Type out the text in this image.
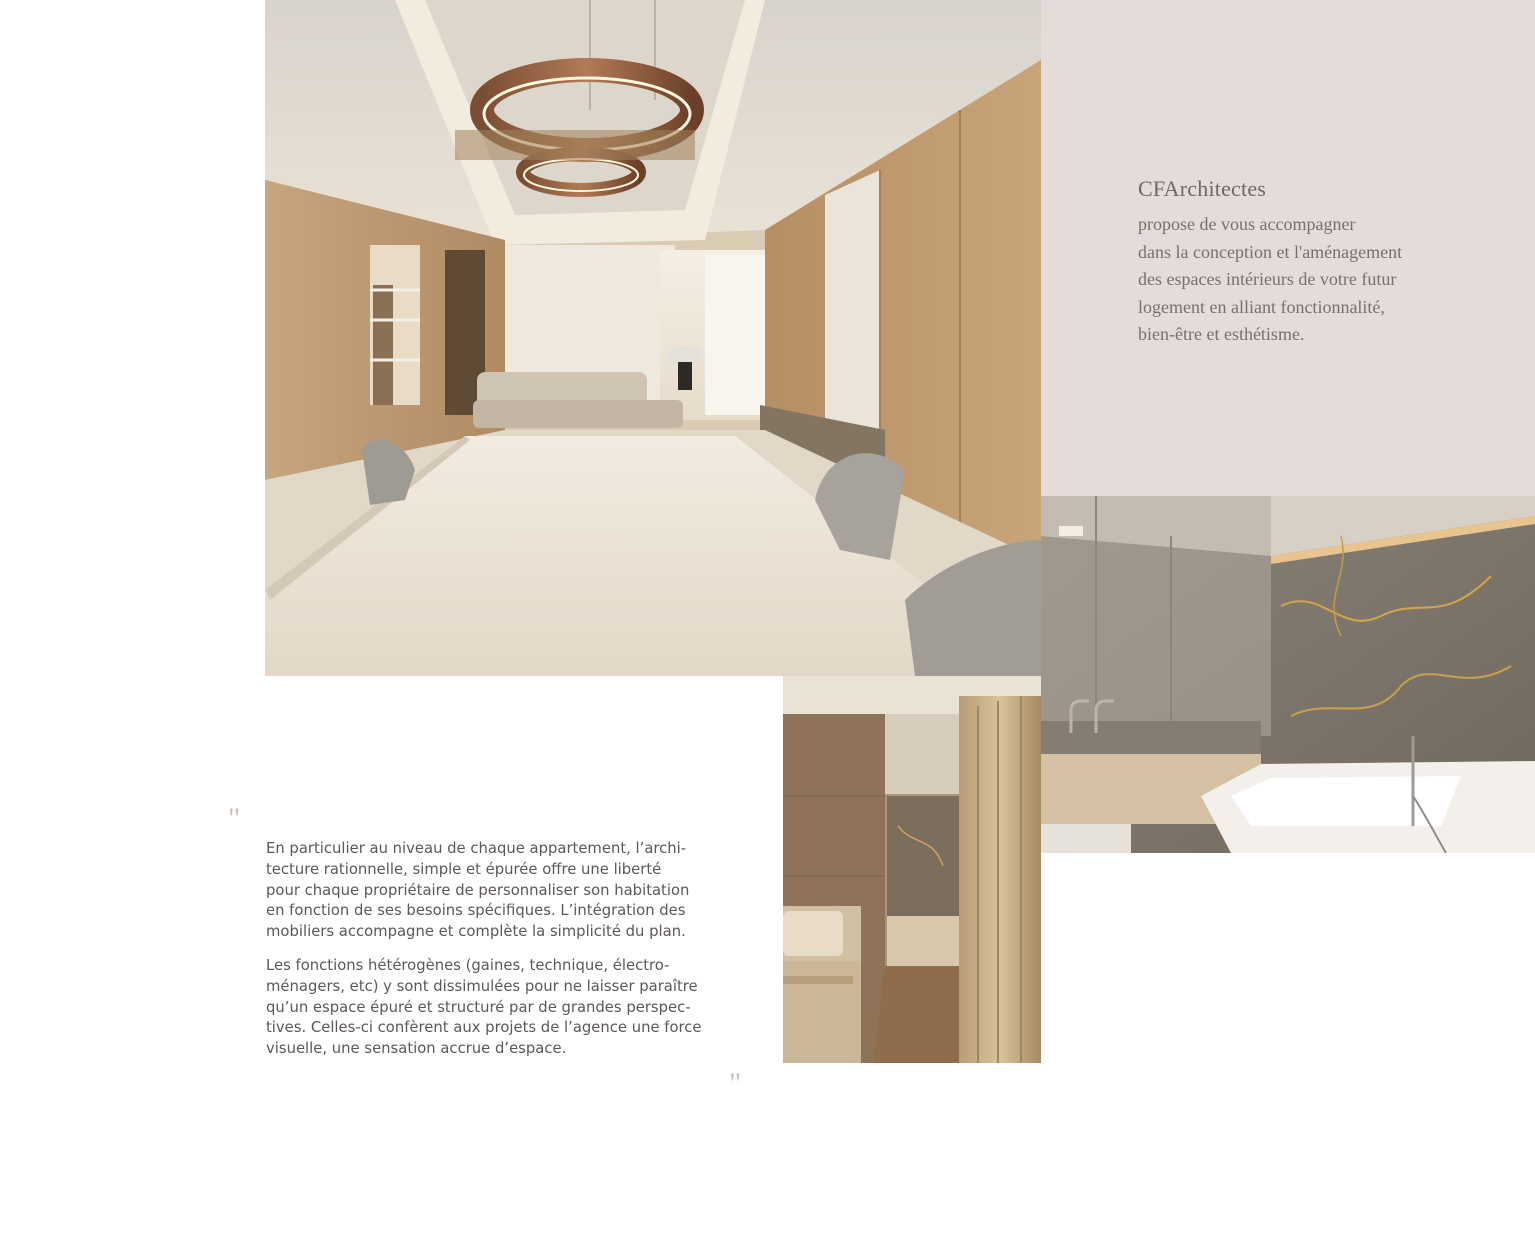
CFArchitectes
propose de vous accompagner
dans la conception et l'aménagement
des espaces intérieurs de votre futur
logement en alliant fonctionnalité,
bien-être et esthétisme.
"

En particulier au niveau de chaque appartement, l’archi-
tecture rationnelle, simple et épurée offre une liberté
pour chaque propriétaire de personnaliser son habitation
en fonction de ses besoins spécifiques. L’intégration des
mobiliers accompagne et complète la simplicité du plan.

Les fonctions hétérogènes (gaines, technique, électro-
ménagers, etc) y sont dissimulées pour ne laisser paraître
qu’un espace épuré et structuré par de grandes perspec-
tives. Celles-ci confèrent aux projets de l’agence une force
visuelle, une sensation accrue d’espace.

"
